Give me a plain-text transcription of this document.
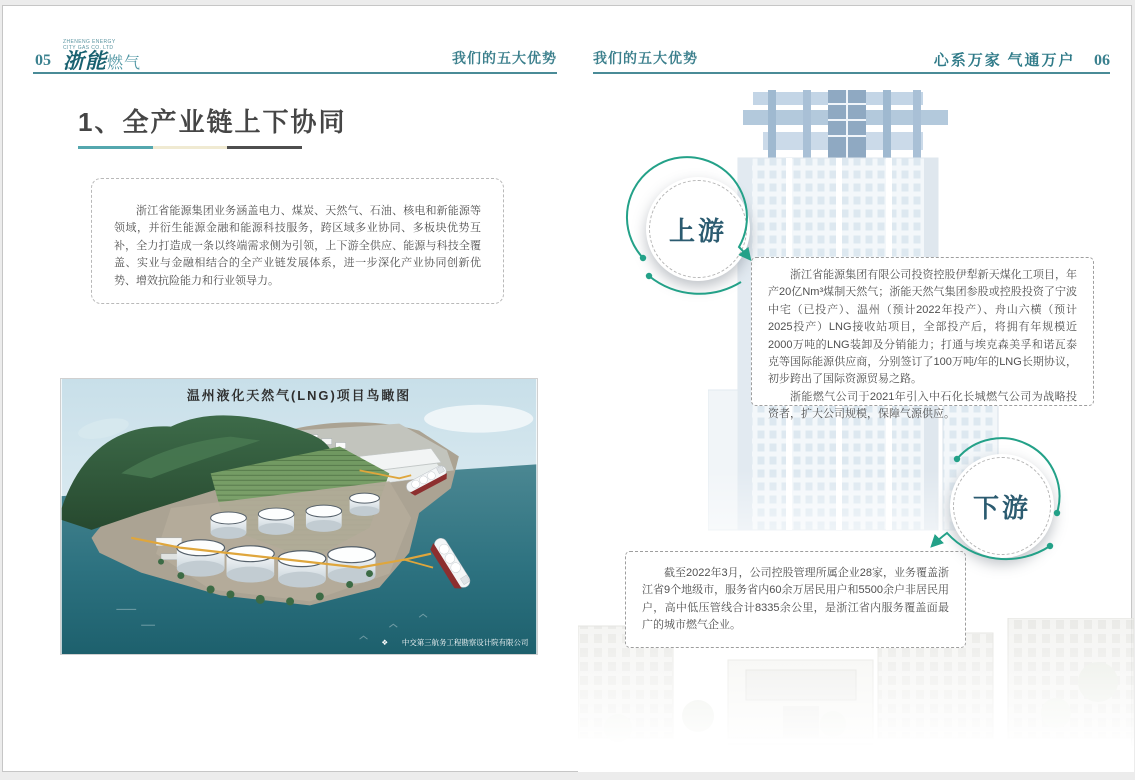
05
ZHENENG ENERGY
CITY GAS CO. LTD
浙能燃气	我们的五大优势	我们的五大优势	心系万家 气通万户 06
1、全产业链上下协同

浙江省能源集团业务涵盖电力、煤炭、天然气、石油、核电和新能源等领域，并衍生能源金融和能源科技服务，跨区域多业协同、多板块优势互补，全力打造成一条以终端需求侧为引领，上下游全供应、能源与科技全覆盖、实业与金融相结合的全产业链发展体系，进一步深化产业协同创新优势、增效抗险能力和行业领导力。

温州液化天然气(LNG)项目鸟瞰图
❖ 中交第三航务工程勘察设计院有限公司

浙江省能源集团有限公司投资控股伊犁新天煤化工项目，年产20亿Nm³煤制天然气；浙能天然气集团参股或控股投资了宁波中宅（已投产）、温州（预计2022年投产）、舟山六横（预计2025投产）LNG接收站项目，全部投产后，将拥有年规模近2000万吨的LNG装卸及分销能力；打通与埃克森美孚和诺瓦泰克等国际能源供应商，分别签订了100万吨/年的LNG长期协议，初步跨出了国际资源贸易之路。

浙能燃气公司于2021年引入中石化长城燃气公司为战略投资者，扩大公司规模，保障气源供应。

截至2022年3月，公司控股管理所属企业28家，业务覆盖浙江省9个地级市，服务省内60余万居民用户和5500余户非居民用户，高中低压管线合计8335余公里，是浙江省内服务覆盖面最广的城市燃气企业。

上游
下游
